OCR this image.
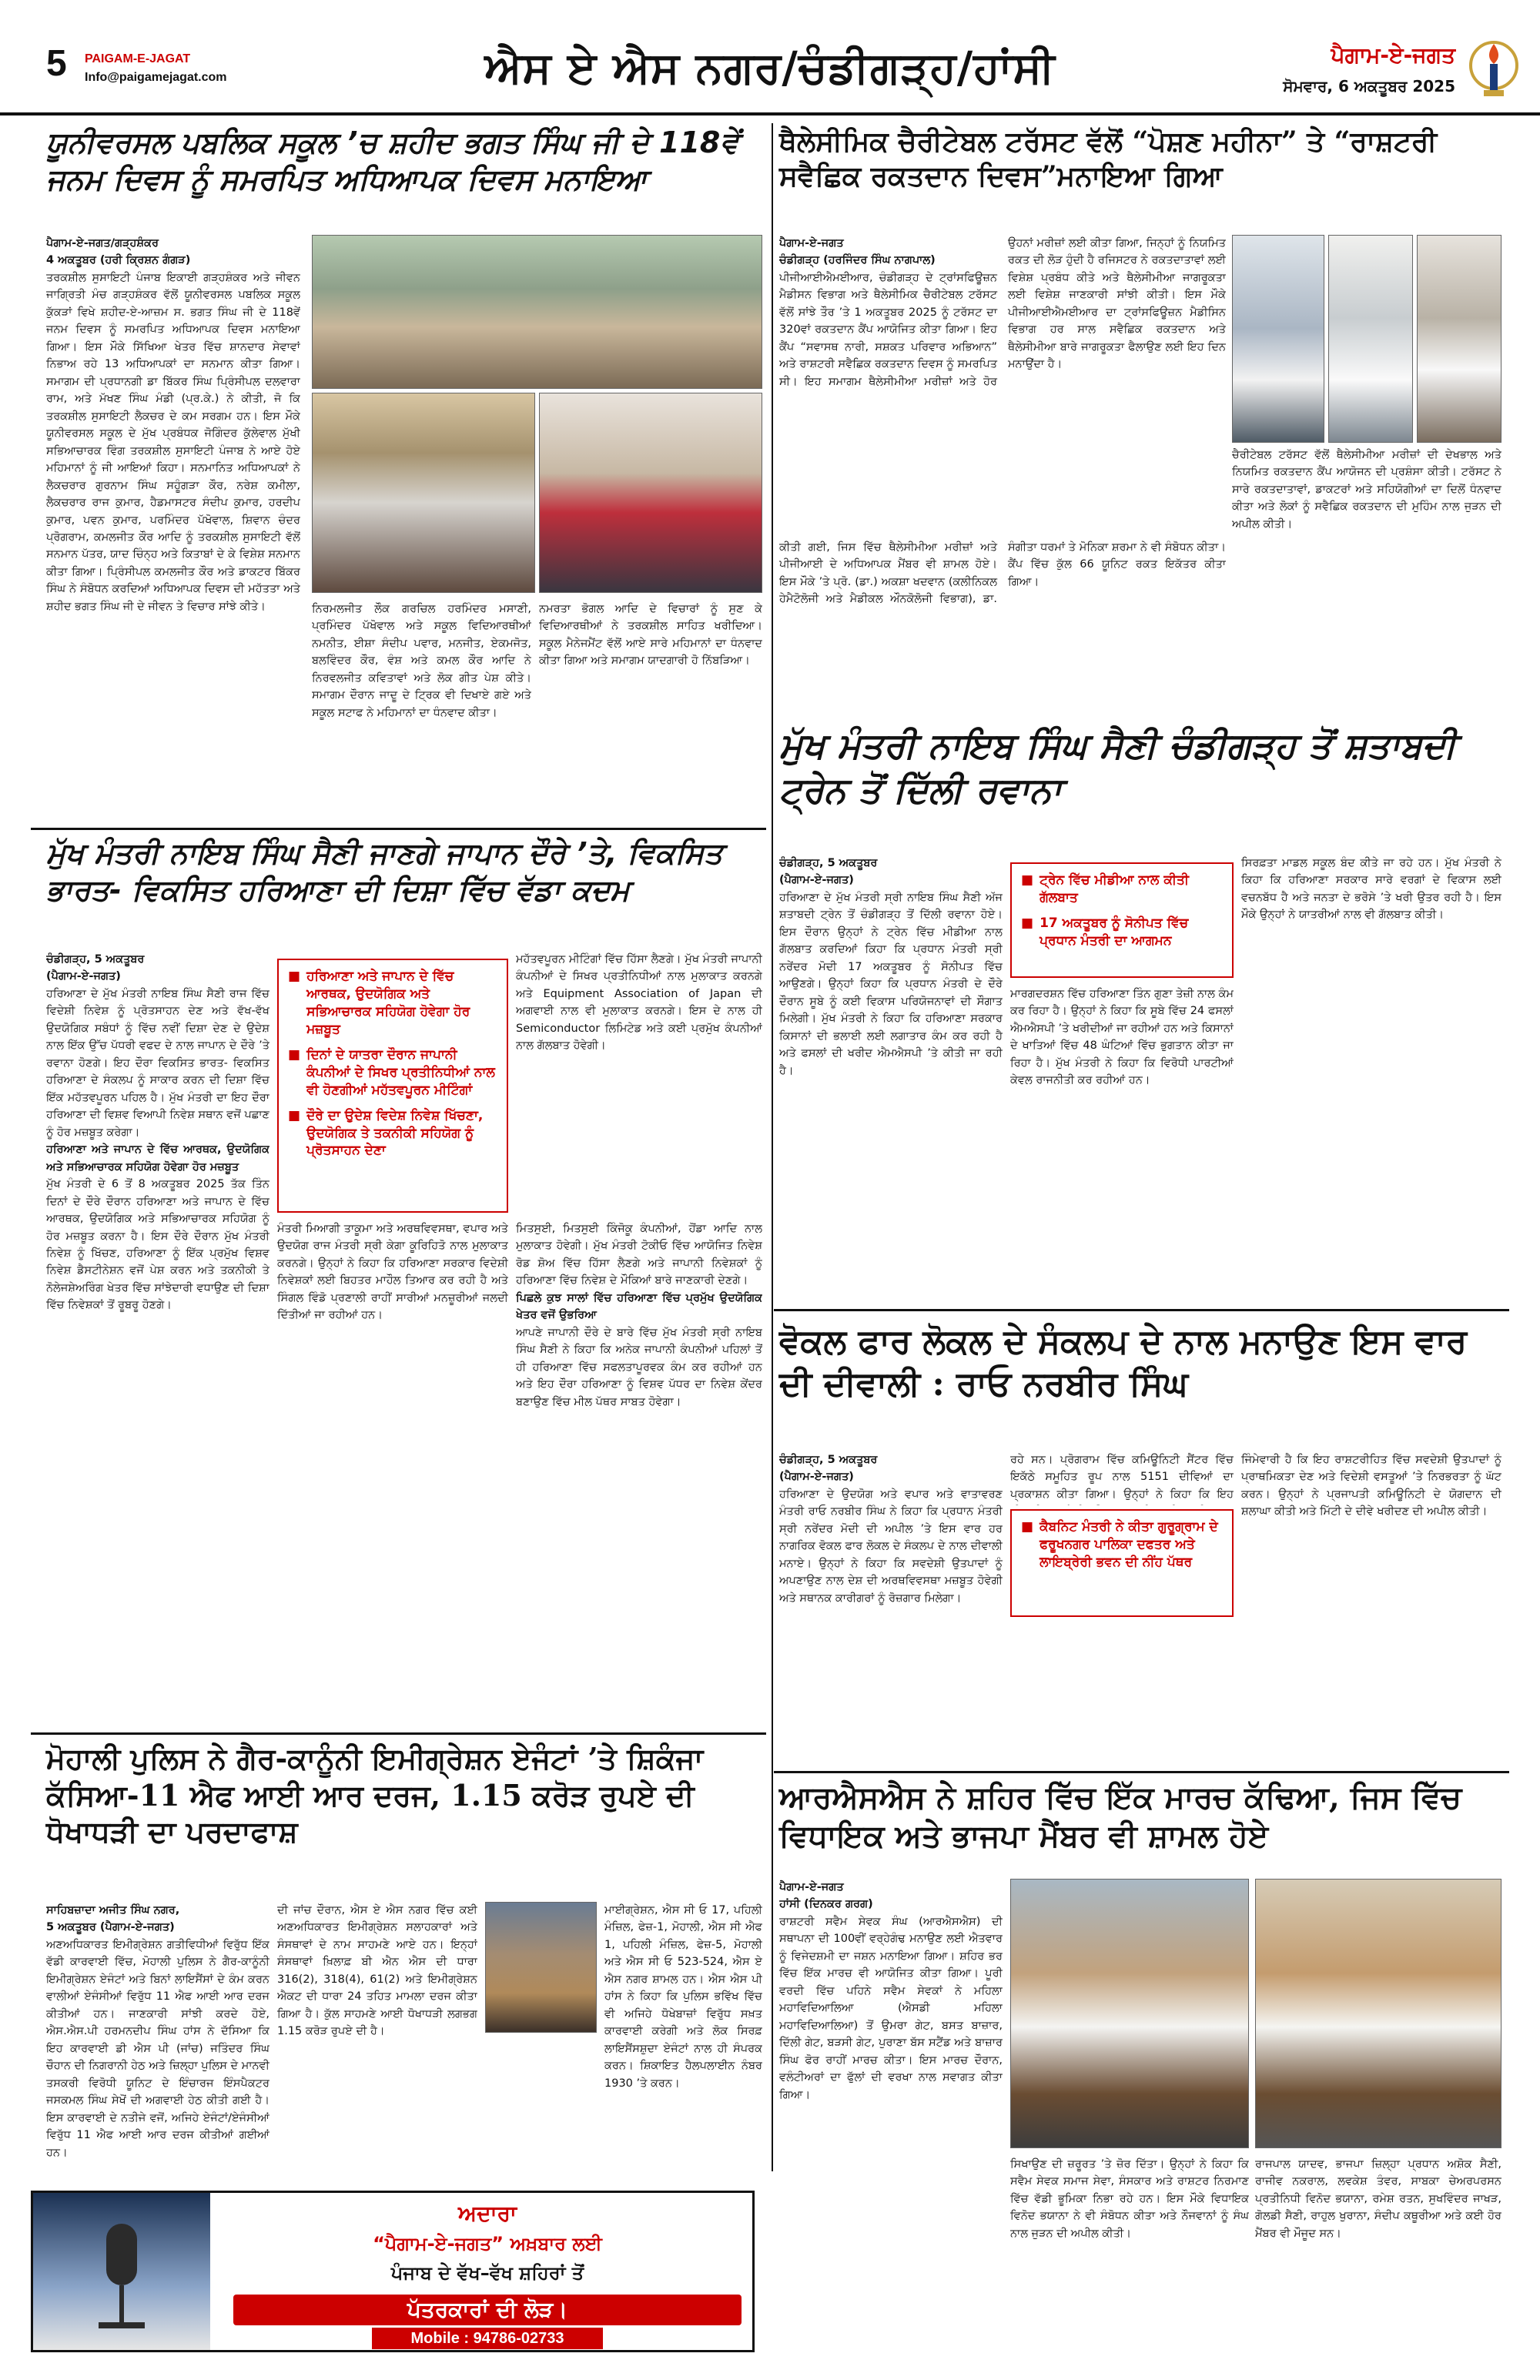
5 PAIGAM-E-JAGAT
Info@paigamejagat.com	ਐਸ ਏ ਐਸ ਨਗਰ/ਚੰਡੀਗੜ੍ਹ/ਹਾਂਸੀ	ਪੈਗਾਮ-ਏ-ਜਗਤ
ਸੋਮਵਾਰ, 6 ਅਕਤੂਬਰ 2025
ਯੂਨੀਵਰਸਲ ਪਬਲਿਕ ਸਕੂਲ ’ਚ ਸ਼ਹੀਦ ਭਗਤ ਸਿੰਘ ਜੀ ਦੇ 118ਵੇਂ ਜਨਮ ਦਿਵਸ ਨੂੰ ਸਮਰਪਿਤ ਅਧਿਆਪਕ ਦਿਵਸ ਮਨਾਇਆ
ਪੈਗਾਮ-ਏ-ਜਗਤ/ਗੜ੍ਹਸ਼ੰਕਰ
4 ਅਕਤੂਬਰ (ਹਰੀ ਕ੍ਰਿਸ਼ਨ ਗੰਗੜ)
ਤਰਕਸ਼ੀਲ ਸੁਸਾਇਟੀ ਪੰਜਾਬ ਇਕਾਈ ਗੜ੍ਹਸ਼ੰਕਰ ਅਤੇ ਜੀਵਨ ਜਾਗ੍ਰਿਤੀ ਮੰਚ ਗੜ੍ਹਸ਼ੰਕਰ ਵੱਲੋਂ ਯੂਨੀਵਰਸਲ ਪਬਲਿਕ ਸਕੂਲ ਕੁੱਕੜਾਂ ਵਿਖੇ ਸ਼ਹੀਦ-ਏ-ਆਜ਼ਮ ਸ. ਭਗਤ ਸਿੰਘ ਜੀ ਦੇ 118ਵੇਂ ਜਨਮ ਦਿਵਸ ਨੂੰ ਸਮਰਪਿਤ ਅਧਿਆਪਕ ਦਿਵਸ ਮਨਾਇਆ ਗਿਆ। ਇਸ ਮੌਕੇ ਸਿੱਖਿਆ ਖੇਤਰ ਵਿੱਚ ਸ਼ਾਨਦਾਰ ਸੇਵਾਵਾਂ ਨਿਭਾਅ ਰਹੇ 13 ਅਧਿਆਪਕਾਂ ਦਾ ਸਨਮਾਨ ਕੀਤਾ ਗਿਆ। ਸਮਾਗਮ ਦੀ ਪ੍ਰਧਾਨਗੀ ਡਾ ਬਿੱਕਰ ਸਿੰਘ ਪ੍ਰਿੰਸੀਪਲ ਦਲਵਾਰਾ ਰਾਮ, ਅਤੇ ਮੱਖਣ ਸਿੰਘ ਮੰਡੀ (ਪ੍ਰ.ਕੇ.) ਨੇ ਕੀਤੀ, ਜੋ ਕਿ ਤਰਕਸ਼ੀਲ ਸੁਸਾਇਟੀ ਲੈਕਚਰ ਦੇ ਕਮ ਸਰਗਮ ਹਨ। ਇਸ ਮੌਕੇ ਯੂਨੀਵਰਸਲ ਸਕੂਲ ਦੇ ਮੁੱਖ ਪ੍ਰਬੰਧਕ ਜੋਗਿੰਦਰ ਕੁੱਲੇਵਾਲ ਮੁੱਖੀ ਸਭਿਆਚਾਰਕ ਵਿੰਗ ਤਰਕਸ਼ੀਲ ਸੁਸਾਇਟੀ ਪੰਜਾਬ ਨੇ ਆਏ ਹੋਏ ਮਹਿਮਾਨਾਂ ਨੂੰ ਜੀ ਆਇਆਂ ਕਿਹਾ। ਸਨਮਾਨਿਤ ਅਧਿਆਪਕਾਂ ਨੇ ਲੈਕਚਰਾਰ ਗੁਰਨਾਮ ਸਿੰਘ ਸਹੂੰਗੜਾ ਕੌਰ, ਨਰੇਸ਼ ਕਮੀਲਾ, ਲੈਕਚਰਾਰ ਰਾਜ ਕੁਮਾਰ, ਹੈਡਮਾਸਟਰ ਸੰਦੀਪ ਕੁਮਾਰ, ਹਰਦੀਪ ਕੁਮਾਰ, ਪਵਨ ਕੁਮਾਰ, ਪਰਮਿੰਦਰ ਪੱਖੋਵਾਲ, ਸ਼ਿਵਾਨ ਚੰਦਰ ਪ੍ਰੋਗਰਾਮ, ਕਮਲਜੀਤ ਕੌਰ ਆਦਿ ਨੂੰ ਤਰਕਸ਼ੀਲ ਸੁਸਾਇਟੀ ਵੱਲੋਂ ਸਨਮਾਨ ਪੱਤਰ, ਯਾਦ ਚਿੰਨ੍ਹ ਅਤੇ ਕਿਤਾਬਾਂ ਦੇ ਕੇ ਵਿਸ਼ੇਸ਼ ਸਨਮਾਨ ਕੀਤਾ ਗਿਆ। ਪ੍ਰਿੰਸੀਪਲ ਕਮਲਜੀਤ ਕੌਰ ਅਤੇ ਡਾਕਟਰ ਬਿੱਕਰ ਸਿੰਘ ਨੇ ਸੰਬੋਧਨ ਕਰਦਿਆਂ ਅਧਿਆਪਕ ਦਿਵਸ ਦੀ ਮਹੱਤਤਾ ਅਤੇ ਸ਼ਹੀਦ ਭਗਤ ਸਿੰਘ ਜੀ ਦੇ ਜੀਵਨ ਤੇ ਵਿਚਾਰ ਸਾਂਝੇ ਕੀਤੇ।	ਨਿਰਮਲਜੀਤ ਲੌਕ ਗਰਚਿਲ ਹਰਮਿੰਦਰ ਮਸਾਣੀ, ਪ੍ਰਮਿੰਦਰ ਪੱਖੋਵਾਲ ਅਤੇ ਸਕੂਲ ਵਿਦਿਆਰਥੀਆਂ ਨਮਨੀਤ, ਈਸ਼ਾ ਸੰਦੀਪ ਪਵਾਰ, ਮਨਜੀਤ, ਏਕਮਜੋਤ, ਬਲਵਿੰਦਰ ਕੌਰ, ਵੰਸ਼ ਅਤੇ ਕਮਲ ਕੌਰ ਆਦਿ ਨੇ ਨਿਰਵਲਜੀਤ ਕਵਿਤਾਵਾਂ ਅਤੇ ਲੋਕ ਗੀਤ ਪੇਸ਼ ਕੀਤੇ। ਸਮਾਗਮ ਦੌਰਾਨ ਜਾਦੂ ਦੇ ਟ੍ਰਿਕ ਵੀ ਦਿਖਾਏ ਗਏ ਅਤੇ ਸਕੂਲ ਸਟਾਫ ਨੇ ਮਹਿਮਾਨਾਂ ਦਾ ਧੰਨਵਾਦ ਕੀਤਾ।
ਨਮਰਤਾ ਭੋਗਲ ਆਦਿ ਦੇ ਵਿਚਾਰਾਂ ਨੂੰ ਸੁਣ ਕੇ ਵਿਦਿਆਰਥੀਆਂ ਨੇ ਤਰਕਸ਼ੀਲ ਸਾਹਿਤ ਖਰੀਦਿਆ। ਸਕੂਲ ਮੈਨੇਜਮੈਂਟ ਵੱਲੋਂ ਆਏ ਸਾਰੇ ਮਹਿਮਾਨਾਂ ਦਾ ਧੰਨਵਾਦ ਕੀਤਾ ਗਿਆ ਅਤੇ ਸਮਾਗਮ ਯਾਦਗਾਰੀ ਹੋ ਨਿੱਬੜਿਆ।
ਥੈਲੇਸੀਮਿਕ ਚੈਰੀਟੇਬਲ ਟਰੱਸਟ ਵੱਲੋਂ “ਪੋਸ਼ਣ ਮਹੀਨਾ” ਤੇ “ਰਾਸ਼ਟਰੀ ਸਵੈਛਿਕ ਰਕਤਦਾਨ ਦਿਵਸ”ਮਨਾਇਆ ਗਿਆ
ਪੈਗਾਮ-ਏ-ਜਗਤ
ਚੰਡੀਗੜ੍ਹ (ਹਰਜਿੰਦਰ ਸਿੰਘ ਨਾਗਪਾਲ)
ਪੀਜੀਆਈਐਮਈਆਰ, ਚੰਡੀਗੜ੍ਹ ਦੇ ਟ੍ਰਾਂਸਫਿਊਜ਼ਨ ਮੈਡੀਸਨ ਵਿਭਾਗ ਅਤੇ ਥੈਲੇਸੀਮਿਕ ਚੈਰੀਟੇਬਲ ਟਰੱਸਟ ਵੱਲੋਂ ਸਾਂਝੇ ਤੌਰ ’ਤੇ 1 ਅਕਤੂਬਰ 2025 ਨੂੰ ਟਰੱਸਟ ਦਾ 320ਵਾਂ ਰਕਤਦਾਨ ਕੈਂਪ ਆਯੋਜਿਤ ਕੀਤਾ ਗਿਆ। ਇਹ ਕੈਂਪ “ਸਵਾਸਥ ਨਾਰੀ, ਸਸ਼ਕਤ ਪਰਿਵਾਰ ਅਭਿਆਨ” ਅਤੇ ਰਾਸ਼ਟਰੀ ਸਵੈਛਿਕ ਰਕਤਦਾਨ ਦਿਵਸ ਨੂੰ ਸਮਰਪਿਤ ਸੀ। ਇਹ ਸਮਾਗਮ ਥੈਲੇਸੀਮੀਆ ਮਰੀਜ਼ਾਂ ਅਤੇ ਹੋਰ ਉਹਨਾਂ ਮਰੀਜ਼ਾਂ ਲਈ ਕੀਤਾ ਗਿਆ, ਜਿਨ੍ਹਾਂ ਨੂੰ ਨਿਯਮਿਤ ਰਕਤ ਦੀ ਲੋੜ ਹੁੰਦੀ ਹੈ ਰਜਿਸਟਰ ਨੇ ਰਕਤਦਾਤਾਵਾਂ ਲਈ ਵਿਸ਼ੇਸ਼ ਪ੍ਰਬੰਧ ਕੀਤੇ ਅਤੇ ਥੈਲੇਸੀਮੀਆ ਜਾਗਰੂਕਤਾ ਲਈ ਵਿਸ਼ੇਸ਼ ਜਾਣਕਾਰੀ ਸਾਂਝੀ ਕੀਤੀ। ਇਸ ਮੌਕੇ ਪੀਜੀਆਈਐਮਈਆਰ ਦਾ ਟ੍ਰਾਂਸਫਿਊਜ਼ਨ ਮੈਡੀਸਿਨ ਵਿਭਾਗ ਹਰ ਸਾਲ ਸਵੈਛਿਕ ਰਕਤਦਾਨ ਅਤੇ ਥੈਲੇਸੀਮੀਆ ਬਾਰੇ ਜਾਗਰੂਕਤਾ ਫੈਲਾਉਣ ਲਈ ਇਹ ਦਿਨ ਮਨਾਉਂਦਾ ਹੈ।
ਕੀਤੀ ਗਈ, ਜਿਸ ਵਿੱਚ ਥੈਲੇਸੀਮੀਆ ਮਰੀਜ਼ਾਂ ਅਤੇ ਪੀਜੀਆਈ ਦੇ ਅਧਿਆਪਕ ਮੈਂਬਰ ਵੀ ਸ਼ਾਮਲ ਹੋਏ। ਇਸ ਮੌਕੇ ’ਤੇ ਪ੍ਰੋ. (ਡਾ.) ਅਕਸ਼ਾ ਖਦਵਾਨ (ਕਲੀਨਿਕਲ ਹੇਮੈਟੋਲੋਜੀ ਅਤੇ ਮੈਡੀਕਲ ਔਨਕੋਲੋਜੀ ਵਿਭਾਗ), ਡਾ. ਸੰਗੀਤਾ ਧਰਮਾਂ ਤੇ ਮੋਨਿਕਾ ਸ਼ਰਮਾ ਨੇ ਵੀ ਸੰਬੋਧਨ ਕੀਤਾ। ਕੈਂਪ ਵਿੱਚ ਕੁੱਲ 66 ਯੂਨਿਟ ਰਕਤ ਇਕੱਤਰ ਕੀਤਾ ਗਿਆ।
ਚੈਰੀਟੇਬਲ ਟਰੱਸਟ ਵੱਲੋਂ ਥੈਲੇਸੀਮੀਆ ਮਰੀਜ਼ਾਂ ਦੀ ਦੇਖਭਾਲ ਅਤੇ ਨਿਯਮਿਤ ਰਕਤਦਾਨ ਕੈਂਪ ਆਯੋਜਨ ਦੀ ਪ੍ਰਸ਼ੰਸਾ ਕੀਤੀ। ਟਰੱਸਟ ਨੇ ਸਾਰੇ ਰਕਤਦਾਤਾਵਾਂ, ਡਾਕਟਰਾਂ ਅਤੇ ਸਹਿਯੋਗੀਆਂ ਦਾ ਦਿਲੋਂ ਧੰਨਵਾਦ ਕੀਤਾ ਅਤੇ ਲੋਕਾਂ ਨੂੰ ਸਵੈਛਿਕ ਰਕਤਦਾਨ ਦੀ ਮੁਹਿੰਮ ਨਾਲ ਜੁੜਨ ਦੀ ਅਪੀਲ ਕੀਤੀ।
ਮੁੱਖ ਮੰਤਰੀ ਨਾਇਬ ਸਿੰਘ ਸੈਣੀ ਚੰਡੀਗੜ੍ਹ ਤੋਂ ਸ਼ਤਾਬਦੀ ਟ੍ਰੇਨ ਤੋਂ ਦਿੱਲੀ ਰਵਾਨਾ
ਚੰਡੀਗੜ੍ਹ, 5 ਅਕਤੂਬਰ
(ਪੈਗਾਮ-ਏ-ਜਗਤ)
ਹਰਿਆਣਾ ਦੇ ਮੁੱਖ ਮੰਤਰੀ ਸ੍ਰੀ ਨਾਇਬ ਸਿੰਘ ਸੈਣੀ ਅੱਜ ਸ਼ਤਾਬਦੀ ਟ੍ਰੇਨ ਤੋਂ ਚੰਡੀਗੜ੍ਹ ਤੋਂ ਦਿੱਲੀ ਰਵਾਨਾ ਹੋਏ। ਇਸ ਦੌਰਾਨ ਉਨ੍ਹਾਂ ਨੇ ਟ੍ਰੇਨ ਵਿੱਚ ਮੀਡੀਆ ਨਾਲ ਗੱਲਬਾਤ ਕਰਦਿਆਂ ਕਿਹਾ ਕਿ ਪ੍ਰਧਾਨ ਮੰਤਰੀ ਸ੍ਰੀ ਨਰੇਂਦਰ ਮੋਦੀ 17 ਅਕਤੂਬਰ ਨੂੰ ਸੋਨੀਪਤ ਵਿੱਚ ਆਉਣਗੇ। ਉਨ੍ਹਾਂ ਕਿਹਾ ਕਿ ਪ੍ਰਧਾਨ ਮੰਤਰੀ ਦੇ ਦੌਰੇ ਦੌਰਾਨ ਸੂਬੇ ਨੂੰ ਕਈ ਵਿਕਾਸ ਪਰਿਯੋਜਨਾਵਾਂ ਦੀ ਸੌਗਾਤ ਮਿਲੇਗੀ। ਮੁੱਖ ਮੰਤਰੀ ਨੇ ਕਿਹਾ ਕਿ ਹਰਿਆਣਾ ਸਰਕਾਰ ਕਿਸਾਨਾਂ ਦੀ ਭਲਾਈ ਲਈ ਲਗਾਤਾਰ ਕੰਮ ਕਰ ਰਹੀ ਹੈ ਅਤੇ ਫਸਲਾਂ ਦੀ ਖਰੀਦ ਐਮਐਸਪੀ ’ਤੇ ਕੀਤੀ ਜਾ ਰਹੀ ਹੈ।
■ ਟ੍ਰੇਨ ਵਿੱਚ ਮੀਡੀਆ ਨਾਲ ਕੀਤੀ ਗੱਲਬਾਤ
■ 17 ਅਕਤੂਬਰ ਨੂੰ ਸੋਨੀਪਤ ਵਿੱਚ ਪ੍ਰਧਾਨ ਮੰਤਰੀ ਦਾ ਆਗਮਨ
ਮਾਰਗਦਰਸ਼ਨ ਵਿੱਚ ਹਰਿਆਣਾ ਤਿੰਨ ਗੁਣਾ ਤੇਜ਼ੀ ਨਾਲ ਕੰਮ ਕਰ ਰਿਹਾ ਹੈ। ਉਨ੍ਹਾਂ ਨੇ ਕਿਹਾ ਕਿ ਸੂਬੇ ਵਿੱਚ 24 ਫਸਲਾਂ ਐਮਐਸਪੀ ’ਤੇ ਖਰੀਦੀਆਂ ਜਾ ਰਹੀਆਂ ਹਨ ਅਤੇ ਕਿਸਾਨਾਂ ਦੇ ਖਾਤਿਆਂ ਵਿੱਚ 48 ਘੰਟਿਆਂ ਵਿੱਚ ਭੁਗਤਾਨ ਕੀਤਾ ਜਾ ਰਿਹਾ ਹੈ। ਮੁੱਖ ਮੰਤਰੀ ਨੇ ਕਿਹਾ ਕਿ ਵਿਰੋਧੀ ਪਾਰਟੀਆਂ ਕੇਵਲ ਰਾਜਨੀਤੀ ਕਰ ਰਹੀਆਂ ਹਨ।
ਸਿਰਫ਼ਤਾ ਮਾਡਲ ਸਕੂਲ ਬੰਦ ਕੀਤੇ ਜਾ ਰਹੇ ਹਨ। ਮੁੱਖ ਮੰਤਰੀ ਨੇ ਕਿਹਾ ਕਿ ਹਰਿਆਣਾ ਸਰਕਾਰ ਸਾਰੇ ਵਰਗਾਂ ਦੇ ਵਿਕਾਸ ਲਈ ਵਚਨਬੱਧ ਹੈ ਅਤੇ ਜਨਤਾ ਦੇ ਭਰੋਸੇ ’ਤੇ ਖਰੀ ਉਤਰ ਰਹੀ ਹੈ। ਇਸ ਮੌਕੇ ਉਨ੍ਹਾਂ ਨੇ ਯਾਤਰੀਆਂ ਨਾਲ ਵੀ ਗੱਲਬਾਤ ਕੀਤੀ।
ਮੁੱਖ ਮੰਤਰੀ ਨਾਇਬ ਸਿੰਘ ਸੈਣੀ ਜਾਣਗੇ ਜਾਪਾਨ ਦੌਰੇ ’ਤੇ, ਵਿਕਸਿਤ ਭਾਰਤ- ਵਿਕਸਿਤ ਹਰਿਆਣਾ ਦੀ ਦਿਸ਼ਾ ਵਿੱਚ ਵੱਡਾ ਕਦਮ
ਚੰਡੀਗੜ੍ਹ, 5 ਅਕਤੂਬਰ
(ਪੈਗਾਮ-ਏ-ਜਗਤ)
ਹਰਿਆਣਾ ਦੇ ਮੁੱਖ ਮੰਤਰੀ ਨਾਇਬ ਸਿੰਘ ਸੈਣੀ ਰਾਜ ਵਿੱਚ ਵਿਦੇਸ਼ੀ ਨਿਵੇਸ਼ ਨੂੰ ਪ੍ਰੋਤਸਾਹਨ ਦੇਣ ਅਤੇ ਵੱਖ-ਵੱਖ ਉਦਯੋਗਿਕ ਸਬੰਧਾਂ ਨੂੰ ਵਿੱਚ ਨਵੀਂ ਦਿਸ਼ਾ ਦੇਣ ਦੇ ਉਦੇਸ਼ ਨਾਲ ਇੱਕ ਉੱਚ ਪੱਧਰੀ ਵਫਦ ਦੇ ਨਾਲ ਜਾਪਾਨ ਦੇ ਦੌਰੇ ’ਤੇ ਰਵਾਨਾ ਹੋਣਗੇ। ਇਹ ਦੌਰਾ ਵਿਕਸਿਤ ਭਾਰਤ- ਵਿਕਸਿਤ ਹਰਿਆਣਾ ਦੇ ਸੰਕਲਪ ਨੂੰ ਸਾਕਾਰ ਕਰਨ ਦੀ ਦਿਸ਼ਾ ਵਿੱਚ ਇੱਕ ਮਹੱਤਵਪੂਰਨ ਪਹਿਲ ਹੈ। ਮੁੱਖ ਮੰਤਰੀ ਦਾ ਇਹ ਦੌਰਾ ਹਰਿਆਣਾ ਦੀ ਵਿਸ਼ਵ ਵਿਆਪੀ ਨਿਵੇਸ਼ ਸਥਾਨ ਵਜੋਂ ਪਛਾਣ ਨੂੰ ਹੋਰ ਮਜ਼ਬੂਤ ਕਰੇਗਾ।
ਹਰਿਆਣਾ ਅਤੇ ਜਾਪਾਨ ਦੇ ਵਿੱਚ ਆਰਥਕ, ਉਦਯੋਗਿਕ ਅਤੇ ਸਭਿਆਚਾਰਕ ਸਹਿਯੋਗ ਹੋਵੇਗਾ ਹੋਰ ਮਜ਼ਬੂਤ
ਮੁੱਖ ਮੰਤਰੀ ਦੇ 6 ਤੋਂ 8 ਅਕਤੂਬਰ 2025 ਤੱਕ ਤਿੰਨ ਦਿਨਾਂ ਦੇ ਦੌਰੇ ਦੌਰਾਨ ਹਰਿਆਣਾ ਅਤੇ ਜਾਪਾਨ ਦੇ ਵਿੱਚ ਆਰਥਕ, ਉਦਯੋਗਿਕ ਅਤੇ ਸਭਿਆਚਾਰਕ ਸਹਿਯੋਗ ਨੂੰ ਹੋਰ ਮਜ਼ਬੂਤ ਕਰਨਾ ਹੈ। ਇਸ ਦੌਰੇ ਦੌਰਾਨ ਮੁੱਖ ਮੰਤਰੀ ਨਿਵੇਸ਼ ਨੂੰ ਖਿੱਚਣ, ਹਰਿਆਣਾ ਨੂੰ ਇੱਕ ਪ੍ਰਮੁੱਖ ਵਿਸ਼ਵ ਨਿਵੇਸ਼ ਡੈਸਟੀਨੇਸ਼ਨ ਵਜੋਂ ਪੇਸ਼ ਕਰਨ ਅਤੇ ਤਕਨੀਕੀ ਤੇ ਨੋਲੇਜਸ਼ੇਅਰਿੰਗ ਖੇਤਰ ਵਿੱਚ ਸਾਂਝੇਦਾਰੀ ਵਧਾਉਣ ਦੀ ਦਿਸ਼ਾ ਵਿੱਚ ਨਿਵੇਸ਼ਕਾਂ ਤੋਂ ਰੂਬਰੂ ਹੋਣਗੇ।
■ ਹਰਿਆਣਾ ਅਤੇ ਜਾਪਾਨ ਦੇ ਵਿੱਚ ਆਰਥਕ, ਉਦਯੋਗਿਕ ਅਤੇ ਸਭਿਆਚਾਰਕ ਸਹਿਯੋਗ ਹੋਵੇਗਾ ਹੋਰ ਮਜ਼ਬੂਤ
■ ਦਿਨਾਂ ਦੇ ਯਾਤਰਾ ਦੌਰਾਨ ਜਾਪਾਨੀ ਕੰਪਨੀਆਂ ਦੇ ਸਿਖਰ ਪ੍ਰਤੀਨਿਧੀਆਂ ਨਾਲ ਵੀ ਹੋਣਗੀਆਂ ਮਹੱਤਵਪੂਰਨ ਮੀਟਿੰਗਾਂ
■ ਦੌਰੇ ਦਾ ਉਦੇਸ਼ ਵਿਦੇਸ਼ ਨਿਵੇਸ਼ ਖਿੱਚਣਾ, ਉਦਯੋਗਿਕ ਤੇ ਤਕਨੀਕੀ ਸਹਿਯੋਗ ਨੂੰ ਪ੍ਰੋਤਸਾਹਨ ਦੇਣਾ
ਮਹੱਤਵਪੂਰਨ ਮੀਟਿੰਗਾਂ ਵਿੱਚ ਹਿੱਸਾ ਲੈਣਗੇ। ਮੁੱਖ ਮੰਤਰੀ ਜਾਪਾਨੀ ਕੰਪਨੀਆਂ ਦੇ ਸਿਖਰ ਪ੍ਰਤੀਨਿਧੀਆਂ ਨਾਲ ਮੁਲਾਕਾਤ ਕਰਨਗੇ ਅਤੇ Equipment Association of Japan ਦੀ ਅਗਵਾਈ ਨਾਲ ਵੀ ਮੁਲਾਕਾਤ ਕਰਨਗੇ। ਇਸ ਦੇ ਨਾਲ ਹੀ Semiconductor ਲਿਮਿਟੇਡ ਅਤੇ ਕਈ ਪ੍ਰਮੁੱਖ ਕੰਪਨੀਆਂ ਨਾਲ ਗੱਲਬਾਤ ਹੋਵੇਗੀ।
ਮੰਤਰੀ ਮਿਆਗੀ ਤਾਕੂਮਾ ਅਤੇ ਅਰਥਵਿਵਸਥਾ, ਵਪਾਰ ਅਤੇ ਉਦਯੋਗ ਰਾਜ ਮੰਤਰੀ ਸ੍ਰੀ ਕੇਗਾ ਕੂਰਿਹਿਤੋ ਨਾਲ ਮੁਲਾਕਾਤ ਕਰਨਗੇ। ਉਨ੍ਹਾਂ ਨੇ ਕਿਹਾ ਕਿ ਹਰਿਆਣਾ ਸਰਕਾਰ ਵਿਦੇਸ਼ੀ ਨਿਵੇਸ਼ਕਾਂ ਲਈ ਬਿਹਤਰ ਮਾਹੌਲ ਤਿਆਰ ਕਰ ਰਹੀ ਹੈ ਅਤੇ ਸਿੰਗਲ ਵਿੰਡੋ ਪ੍ਰਣਾਲੀ ਰਾਹੀਂ ਸਾਰੀਆਂ ਮਨਜ਼ੂਰੀਆਂ ਜਲਦੀ ਦਿੱਤੀਆਂ ਜਾ ਰਹੀਆਂ ਹਨ।
ਮਿਤਸੁਈ, ਮਿਤਸੁਈ ਕਿੰਜੋਕੂ ਕੰਪਨੀਆਂ, ਹੋਂਡਾ ਆਦਿ ਨਾਲ ਮੁਲਾਕਾਤ ਹੋਵੇਗੀ। ਮੁੱਖ ਮੰਤਰੀ ਟੋਕੀਓ ਵਿੱਚ ਆਯੋਜਿਤ ਨਿਵੇਸ਼ ਰੋਡ ਸ਼ੋਅ ਵਿੱਚ ਹਿੱਸਾ ਲੈਣਗੇ ਅਤੇ ਜਾਪਾਨੀ ਨਿਵੇਸ਼ਕਾਂ ਨੂੰ ਹਰਿਆਣਾ ਵਿੱਚ ਨਿਵੇਸ਼ ਦੇ ਮੌਕਿਆਂ ਬਾਰੇ ਜਾਣਕਾਰੀ ਦੇਣਗੇ।
ਪਿਛਲੇ ਕੁਝ ਸਾਲਾਂ ਵਿੱਚ ਹਰਿਆਣਾ ਵਿੱਚ ਪ੍ਰਮੁੱਖ ਉਦਯੋਗਿਕ ਖੇਤਰ ਵਜੋਂ ਉਭਰਿਆ
ਆਪਣੇ ਜਾਪਾਨੀ ਦੌਰੇ ਦੇ ਬਾਰੇ ਵਿੱਚ ਮੁੱਖ ਮੰਤਰੀ ਸ੍ਰੀ ਨਾਇਬ ਸਿੰਘ ਸੈਣੀ ਨੇ ਕਿਹਾ ਕਿ ਅਨੇਕ ਜਾਪਾਨੀ ਕੰਪਨੀਆਂ ਪਹਿਲਾਂ ਤੋਂ ਹੀ ਹਰਿਆਣਾ ਵਿੱਚ ਸਫਲਤਾਪੂਰਵਕ ਕੰਮ ਕਰ ਰਹੀਆਂ ਹਨ ਅਤੇ ਇਹ ਦੌਰਾ ਹਰਿਆਣਾ ਨੂੰ ਵਿਸ਼ਵ ਪੱਧਰ ਦਾ ਨਿਵੇਸ਼ ਕੇਂਦਰ ਬਣਾਉਣ ਵਿੱਚ ਮੀਲ ਪੱਥਰ ਸਾਬਤ ਹੋਵੇਗਾ।
ਵੋਕਲ ਫਾਰ ਲੋਕਲ ਦੇ ਸੰਕਲਪ ਦੇ ਨਾਲ ਮਨਾਉਣ ਇਸ ਵਾਰ ਦੀ ਦੀਵਾਲੀ : ਰਾਓ ਨਰਬੀਰ ਸਿੰਘ
ਚੰਡੀਗੜ੍ਹ, 5 ਅਕਤੂਬਰ
(ਪੈਗਾਮ-ਏ-ਜਗਤ)
ਹਰਿਆਣਾ ਦੇ ਉਦਯੋਗ ਅਤੇ ਵਪਾਰ ਅਤੇ ਵਾਤਾਵਰਣ ਮੰਤਰੀ ਰਾਓ ਨਰਬੀਰ ਸਿੰਘ ਨੇ ਕਿਹਾ ਕਿ ਪ੍ਰਧਾਨ ਮੰਤਰੀ ਸ੍ਰੀ ਨਰੇਂਦਰ ਮੋਦੀ ਦੀ ਅਪੀਲ ’ਤੇ ਇਸ ਵਾਰ ਹਰ ਨਾਗਰਿਕ ਵੋਕਲ ਫਾਰ ਲੋਕਲ ਦੇ ਸੰਕਲਪ ਦੇ ਨਾਲ ਦੀਵਾਲੀ ਮਨਾਏ। ਉਨ੍ਹਾਂ ਨੇ ਕਿਹਾ ਕਿ ਸਵਦੇਸ਼ੀ ਉਤਪਾਦਾਂ ਨੂੰ ਅਪਣਾਉਣ ਨਾਲ ਦੇਸ਼ ਦੀ ਅਰਥਵਿਵਸਥਾ ਮਜ਼ਬੂਤ ਹੋਵੇਗੀ ਅਤੇ ਸਥਾਨਕ ਕਾਰੀਗਰਾਂ ਨੂੰ ਰੋਜ਼ਗਾਰ ਮਿਲੇਗਾ।
ਰਹੇ ਸਨ। ਪ੍ਰੋਗਰਾਮ ਵਿੱਚ ਕਮਿਊਨਿਟੀ ਸੈਂਟਰ ਵਿੱਚ ਇਕੱਠੇ ਸਮੂਹਿਤ ਰੂਪ ਨਾਲ 5151 ਦੀਵਿਆਂ ਦਾ ਪ੍ਰਕਾਸ਼ਨ ਕੀਤਾ ਗਿਆ। ਉਨ੍ਹਾਂ ਨੇ ਕਿਹਾ ਕਿ ਇਹ
■ ਕੈਬਨਿਟ ਮੰਤਰੀ ਨੇ ਕੀਤਾ ਗੁਰੂਗ੍ਰਾਮ ਦੇ ਫਰੂਖਨਗਰ ਪਾਲਿਕਾ ਦਫਤਰ ਅਤੇ ਲਾਇਬ੍ਰੇਰੀ ਭਵਨ ਦੀ ਨੀਂਹ ਪੱਥਰ
ਜਿੰਮੇਵਾਰੀ ਹੈ ਕਿ ਇਹ ਰਾਸ਼ਟਰੀਹਿਤ ਵਿੱਚ ਸਵਦੇਸ਼ੀ ਉਤਪਾਦਾਂ ਨੂੰ ਪ੍ਰਾਥਮਿਕਤਾ ਦੇਣ ਅਤੇ ਵਿਦੇਸ਼ੀ ਵਸਤੂਆਂ ’ਤੇ ਨਿਰਭਰਤਾ ਨੂੰ ਘੱਟ ਕਰਨ। ਉਨ੍ਹਾਂ ਨੇ ਪ੍ਰਜਾਪਤੀ ਕਮਿਊਨਿਟੀ ਦੇ ਯੋਗਦਾਨ ਦੀ ਸ਼ਲਾਘਾ ਕੀਤੀ ਅਤੇ ਮਿੱਟੀ ਦੇ ਦੀਵੇ ਖਰੀਦਣ ਦੀ ਅਪੀਲ ਕੀਤੀ।
ਮੋਹਾਲੀ ਪੁਲਿਸ ਨੇ ਗੈਰ-ਕਾਨੂੰਨੀ ਇਮੀਗ੍ਰੇਸ਼ਨ ਏਜੰਟਾਂ ’ਤੇ ਸ਼ਿਕੰਜਾ ਕੱਸਿਆ-11 ਐਫ ਆਈ ਆਰ ਦਰਜ, 1.15 ਕਰੋੜ ਰੁਪਏ ਦੀ ਧੋਖਾਧੜੀ ਦਾ ਪਰਦਾਫਾਸ਼
ਸਾਹਿਬਜ਼ਾਦਾ ਅਜੀਤ ਸਿੰਘ ਨਗਰ,
5 ਅਕਤੂਬਰ (ਪੈਗਾਮ-ਏ-ਜਗਤ)
ਅਣਅਧਿਕਾਰਤ ਇਮੀਗ੍ਰੇਸ਼ਨ ਗਤੀਵਿਧੀਆਂ ਵਿਰੁੱਧ ਇੱਕ ਵੱਡੀ ਕਾਰਵਾਈ ਵਿੱਚ, ਮੋਹਾਲੀ ਪੁਲਿਸ ਨੇ ਗੈਰ-ਕਾਨੂੰਨੀ ਇਮੀਗ੍ਰੇਸ਼ਨ ਏਜੰਟਾਂ ਅਤੇ ਬਿਨਾਂ ਲਾਇਸੈਂਸਾਂ ਦੇ ਕੰਮ ਕਰਨ ਵਾਲੀਆਂ ਏਜੰਸੀਆਂ ਵਿਰੁੱਧ 11 ਐਫ ਆਈ ਆਰ ਦਰਜ ਕੀਤੀਆਂ ਹਨ। ਜਾਣਕਾਰੀ ਸਾਂਝੀ ਕਰਦੇ ਹੋਏ, ਐਸ.ਐਸ.ਪੀ ਹਰਮਨਦੀਪ ਸਿੰਘ ਹਾਂਸ ਨੇ ਦੱਸਿਆ ਕਿ ਇਹ ਕਾਰਵਾਈ ਡੀ ਐਸ ਪੀ (ਜਾਂਚ) ਜਤਿੰਦਰ ਸਿੰਘ ਚੌਹਾਨ ਦੀ ਨਿਗਰਾਨੀ ਹੇਠ ਅਤੇ ਜ਼ਿਲ੍ਹਾ ਪੁਲਿਸ ਦੇ ਮਾਨਵੀ ਤਸਕਰੀ ਵਿਰੋਧੀ ਯੂਨਿਟ ਦੇ ਇੰਚਾਰਜ ਇੰਸਪੈਕਟਰ ਜਸਕਮਲ ਸਿੰਘ ਸੇਖੋਂ ਦੀ ਅਗਵਾਈ ਹੇਠ ਕੀਤੀ ਗਈ ਹੈ। ਇਸ ਕਾਰਵਾਈ ਦੇ ਨਤੀਜੇ ਵਜੋਂ, ਅਜਿਹੇ ਏਜੰਟਾਂ/ਏਜੰਸੀਆਂ ਵਿਰੁੱਧ 11 ਐਫ ਆਈ ਆਰ ਦਰਜ ਕੀਤੀਆਂ ਗਈਆਂ ਹਨ।
ਦੀ ਜਾਂਚ ਦੌਰਾਨ, ਐਸ ਏ ਐਸ ਨਗਰ ਵਿੱਚ ਕਈ ਅਣਅਧਿਕਾਰਤ ਇਮੀਗ੍ਰੇਸ਼ਨ ਸਲਾਹਕਾਰਾਂ ਅਤੇ ਸੰਸਥਾਵਾਂ ਦੇ ਨਾਮ ਸਾਹਮਣੇ ਆਏ ਹਨ। ਇਨ੍ਹਾਂ ਸੰਸਥਾਵਾਂ ਖ਼ਿਲਾਫ਼ ਬੀ ਐਨ ਐਸ ਦੀ ਧਾਰਾ 316(2), 318(4), 61(2) ਅਤੇ ਇਮੀਗ੍ਰੇਸ਼ਨ ਐਕਟ ਦੀ ਧਾਰਾ 24 ਤਹਿਤ ਮਾਮਲਾ ਦਰਜ ਕੀਤਾ ਗਿਆ ਹੈ। ਕੁੱਲ ਸਾਹਮਣੇ ਆਈ ਧੋਖਾਧੜੀ ਲਗਭਗ 1.15 ਕਰੋੜ ਰੁਪਏ ਦੀ ਹੈ।
ਮਾਈਗ੍ਰੇਸ਼ਨ, ਐਸ ਸੀ ਓ 17, ਪਹਿਲੀ ਮੰਜ਼ਿਲ, ਫੇਜ਼-1, ਮੋਹਾਲੀ, ਐਸ ਸੀ ਐਫ 1, ਪਹਿਲੀ ਮੰਜ਼ਿਲ, ਫੇਜ਼-5, ਮੋਹਾਲੀ ਅਤੇ ਐਸ ਸੀ ਓ 523-524, ਐਸ ਏ ਐਸ ਨਗਰ ਸ਼ਾਮਲ ਹਨ। ਐਸ ਐਸ ਪੀ ਹਾਂਸ ਨੇ ਕਿਹਾ ਕਿ ਪੁਲਿਸ ਭਵਿੱਖ ਵਿੱਚ ਵੀ ਅਜਿਹੇ ਧੋਖੇਬਾਜ਼ਾਂ ਵਿਰੁੱਧ ਸਖ਼ਤ ਕਾਰਵਾਈ ਕਰੇਗੀ ਅਤੇ ਲੋਕ ਸਿਰਫ਼ ਲਾਇਸੈਂਸਸ਼ੁਦਾ ਏਜੰਟਾਂ ਨਾਲ ਹੀ ਸੰਪਰਕ ਕਰਨ। ਸ਼ਿਕਾਇਤ ਹੈਲਪਲਾਈਨ ਨੰਬਰ 1930 ’ਤੇ ਕਰਨ।
ਆਰਐਸਐਸ ਨੇ ਸ਼ਹਿਰ ਵਿੱਚ ਇੱਕ ਮਾਰਚ ਕੱਢਿਆ, ਜਿਸ ਵਿੱਚ ਵਿਧਾਇਕ ਅਤੇ ਭਾਜਪਾ ਮੈਂਬਰ ਵੀ ਸ਼ਾਮਲ ਹੋਏ
ਪੈਗਾਮ-ਏ-ਜਗਤ
ਹਾਂਸੀ (ਦਿਨਕਰ ਗਰਗ)
ਰਾਸ਼ਟਰੀ ਸਵੈਮ ਸੇਵਕ ਸੰਘ (ਆਰਐਸਐਸ) ਦੀ ਸਥਾਪਨਾ ਦੀ 100ਵੀਂ ਵਰ੍ਹੇਗੰਢ ਮਨਾਉਣ ਲਈ ਐਤਵਾਰ ਨੂੰ ਵਿਜੇਦਸ਼ਮੀ ਦਾ ਜਸ਼ਨ ਮਨਾਇਆ ਗਿਆ। ਸ਼ਹਿਰ ਭਰ ਵਿੱਚ ਇੱਕ ਮਾਰਚ ਵੀ ਆਯੋਜਿਤ ਕੀਤਾ ਗਿਆ। ਪੂਰੀ ਵਰਦੀ ਵਿੱਚ ਪਹਿਨੇ ਸਵੈਮ ਸੇਵਕਾਂ ਨੇ ਮਹਿਲਾ ਮਹਾਵਿਦਿਆਲਿਆ (ਐਸਡੀ ਮਹਿਲਾ ਮਹਾਵਿਦਿਆਲਿਆ) ਤੋਂ ਉਮਰਾ ਗੇਟ, ਬਸਤ ਬਾਜ਼ਾਰ, ਦਿੱਲੀ ਗੇਟ, ਬੜਸੀ ਗੇਟ, ਪੁਰਾਣਾ ਬੱਸ ਸਟੈਂਡ ਅਤੇ ਬਾਜ਼ਾਰ ਸਿੰਘ ਫੋਰ ਰਾਹੀਂ ਮਾਰਚ ਕੀਤਾ। ਇਸ ਮਾਰਚ ਦੌਰਾਨ, ਵਲੰਟੀਅਰਾਂ ਦਾ ਫੁੱਲਾਂ ਦੀ ਵਰਖਾ ਨਾਲ ਸਵਾਗਤ ਕੀਤਾ ਗਿਆ।
ਸਿਖਾਉਣ ਦੀ ਜ਼ਰੂਰਤ ’ਤੇ ਜ਼ੋਰ ਦਿੱਤਾ। ਉਨ੍ਹਾਂ ਨੇ ਕਿਹਾ ਕਿ ਸਵੈਮ ਸੇਵਕ ਸਮਾਜ ਸੇਵਾ, ਸੰਸਕਾਰ ਅਤੇ ਰਾਸ਼ਟਰ ਨਿਰਮਾਣ ਵਿੱਚ ਵੱਡੀ ਭੂਮਿਕਾ ਨਿਭਾ ਰਹੇ ਹਨ। ਇਸ ਮੌਕੇ ਵਿਧਾਇਕ ਵਿਨੋਦ ਭਯਾਨਾ ਨੇ ਵੀ ਸੰਬੋਧਨ ਕੀਤਾ ਅਤੇ ਨੌਜਵਾਨਾਂ ਨੂੰ ਸੰਘ ਨਾਲ ਜੁੜਨ ਦੀ ਅਪੀਲ ਕੀਤੀ।
ਰਾਜਪਾਲ ਯਾਦਵ, ਭਾਜਪਾ ਜ਼ਿਲ੍ਹਾ ਪ੍ਰਧਾਨ ਅਸ਼ੋਕ ਸੈਣੀ, ਰਾਜੀਵ ਨਕਰਾਲ, ਲਵਕੇਸ਼ ਤੰਵਰ, ਸਾਬਕਾ ਚੇਅਰਪਰਸਨ ਪ੍ਰਤੀਨਿਧੀ ਵਿਨੋਦ ਭਯਾਨਾ, ਰਮੇਸ਼ ਰਤਨ, ਸੁਖਵਿੰਦਰ ਜਾਖੜ, ਗੋਲਡੀ ਸੈਣੀ, ਰਾਹੁਲ ਖੁਰਾਨਾ, ਸੰਦੀਪ ਕਥੂਰੀਆ ਅਤੇ ਕਈ ਹੋਰ ਮੈਂਬਰ ਵੀ ਮੌਜੂਦ ਸਨ।
ਅਦਾਰਾ
“ਪੈਗਾਮ-ਏ-ਜਗਤ” ਅਖ਼ਬਾਰ ਲਈ
ਪੰਜਾਬ ਦੇ ਵੱਖ–ਵੱਖ ਸ਼ਹਿਰਾਂ ਤੋਂ
ਪੱਤਰਕਾਰਾਂ ਦੀ ਲੋੜ।
Mobile : 94786-02733
